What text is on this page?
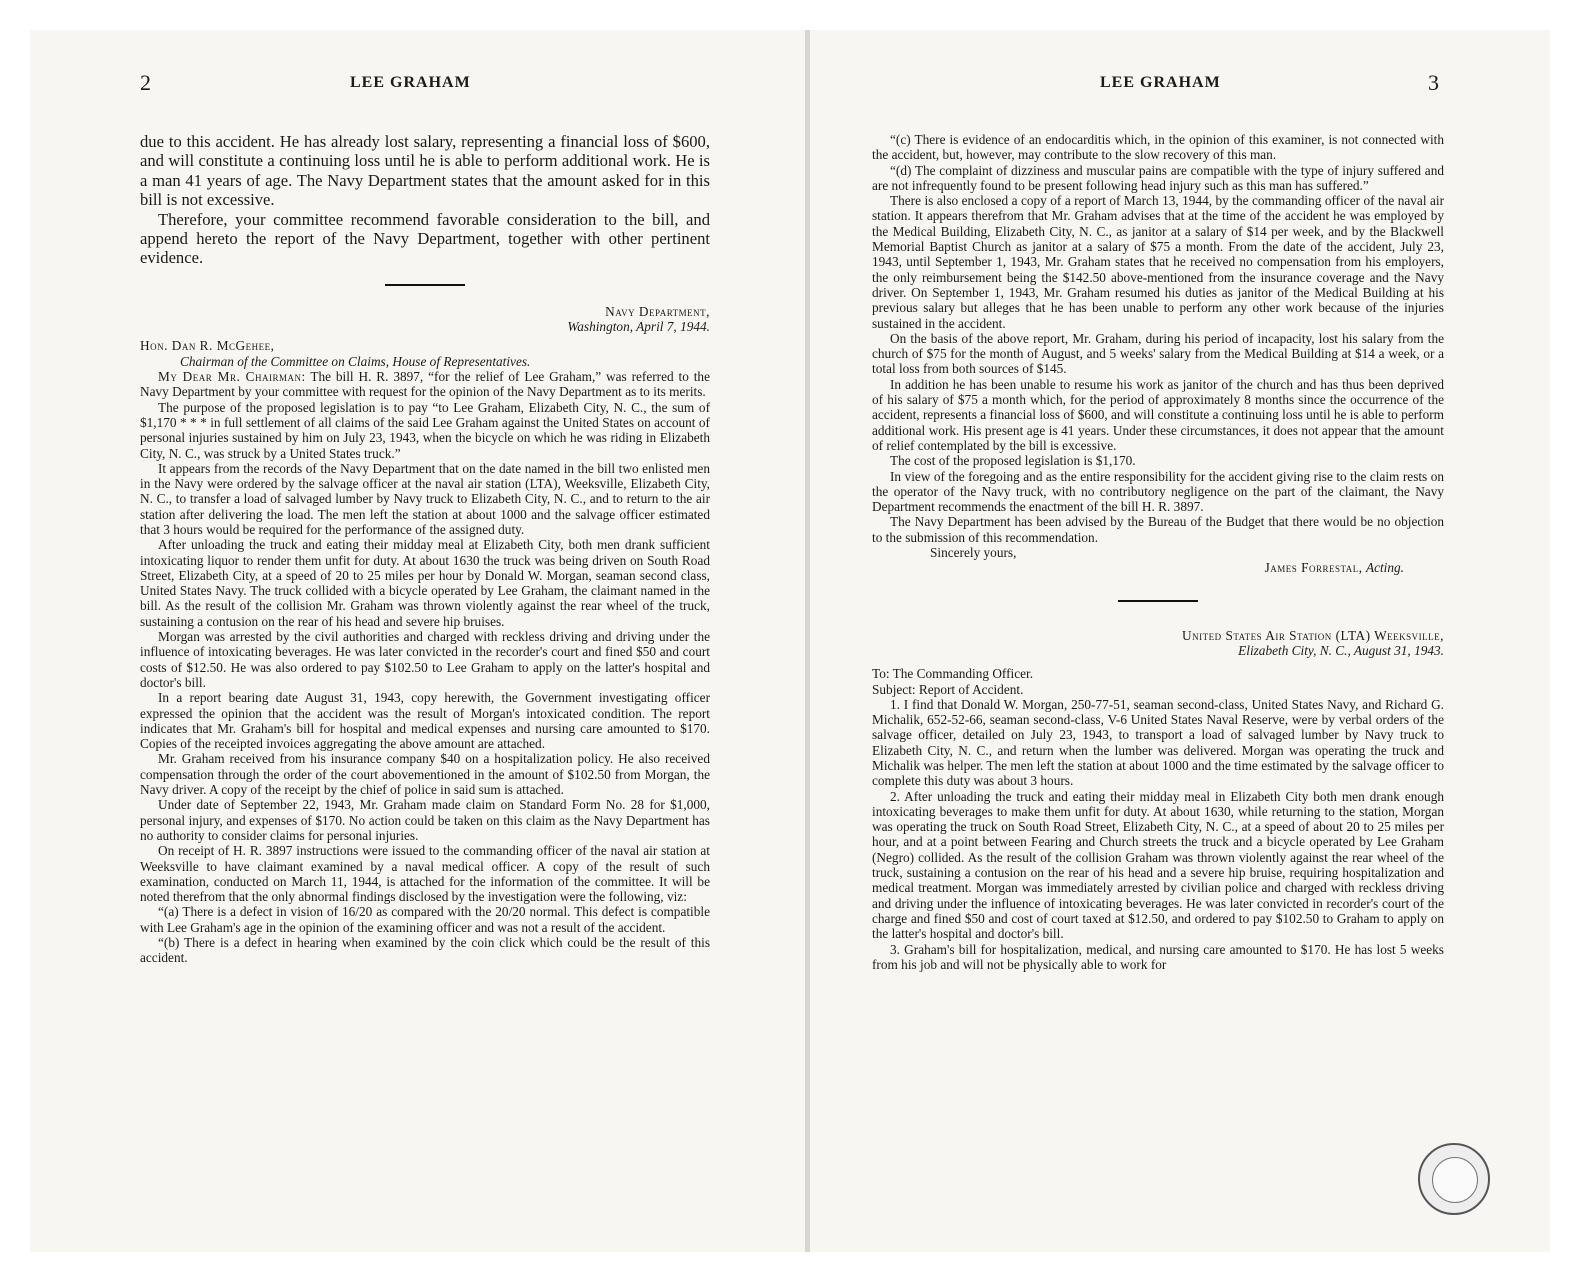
2	LEE GRAHAM	LEE GRAHAM	3

due to this accident. He has already lost salary, representing a financial loss of $600, and will constitute a continuing loss until he is able to perform additional work. He is a man 41 years of age. The Navy Department states that the amount asked for in this bill is not excessive.

Therefore, your committee recommend favorable consideration to the bill, and append hereto the report of the Navy Department, together with other pertinent evidence.

Navy Department,

Washington, April 7, 1944.

Hon. Dan R. McGehee,

Chairman of the Committee on Claims, House of Representatives.

My Dear Mr. Chairman: The bill H. R. 3897, “for the relief of Lee Graham,” was referred to the Navy Department by your committee with request for the opinion of the Navy Department as to its merits.

The purpose of the proposed legislation is to pay “to Lee Graham, Elizabeth City, N. C., the sum of $1,170 * * * in full settlement of all claims of the said Lee Graham against the United States on account of personal injuries sustained by him on July 23, 1943, when the bicycle on which he was riding in Elizabeth City, N. C., was struck by a United States truck.”

It appears from the records of the Navy Department that on the date named in the bill two enlisted men in the Navy were ordered by the salvage officer at the naval air station (LTA), Weeksville, Elizabeth City, N. C., to transfer a load of salvaged lumber by Navy truck to Elizabeth City, N. C., and to return to the air station after delivering the load. The men left the station at about 1000 and the salvage officer estimated that 3 hours would be required for the performance of the assigned duty.

After unloading the truck and eating their midday meal at Elizabeth City, both men drank sufficient intoxicating liquor to render them unfit for duty. At about 1630 the truck was being driven on South Road Street, Elizabeth City, at a speed of 20 to 25 miles per hour by Donald W. Morgan, seaman second class, United States Navy. The truck collided with a bicycle operated by Lee Graham, the claimant named in the bill. As the result of the collision Mr. Graham was thrown violently against the rear wheel of the truck, sustaining a contusion on the rear of his head and severe hip bruises.

Morgan was arrested by the civil authorities and charged with reckless driving and driving under the influence of intoxicating beverages. He was later convicted in the recorder's court and fined $50 and court costs of $12.50. He was also ordered to pay $102.50 to Lee Graham to apply on the latter's hospital and doctor's bill.

In a report bearing date August 31, 1943, copy herewith, the Government investigating officer expressed the opinion that the accident was the result of Morgan's intoxicated condition. The report indicates that Mr. Graham's bill for hospital and medical expenses and nursing care amounted to $170. Copies of the receipted invoices aggregating the above amount are attached.

Mr. Graham received from his insurance company $40 on a hospitalization policy. He also received compensation through the order of the court abovementioned in the amount of $102.50 from Morgan, the Navy driver. A copy of the receipt by the chief of police in said sum is attached.

Under date of September 22, 1943, Mr. Graham made claim on Standard Form No. 28 for $1,000, personal injury, and expenses of $170. No action could be taken on this claim as the Navy Department has no authority to consider claims for personal injuries.

On receipt of H. R. 3897 instructions were issued to the commanding officer of the naval air station at Weeksville to have claimant examined by a naval medical officer. A copy of the result of such examination, conducted on March 11, 1944, is attached for the information of the committee. It will be noted therefrom that the only abnormal findings disclosed by the investigation were the following, viz:

“(a) There is a defect in vision of 16/20 as compared with the 20/20 normal. This defect is compatible with Lee Graham's age in the opinion of the examining officer and was not a result of the accident.

“(b) There is a defect in hearing when examined by the coin click which could be the result of this accident.

“(c) There is evidence of an endocarditis which, in the opinion of this examiner, is not connected with the accident, but, however, may contribute to the slow recovery of this man.

“(d) The complaint of dizziness and muscular pains are compatible with the type of injury suffered and are not infrequently found to be present following head injury such as this man has suffered.”

There is also enclosed a copy of a report of March 13, 1944, by the commanding officer of the naval air station. It appears therefrom that Mr. Graham advises that at the time of the accident he was employed by the Medical Building, Elizabeth City, N. C., as janitor at a salary of $14 per week, and by the Blackwell Memorial Baptist Church as janitor at a salary of $75 a month. From the date of the accident, July 23, 1943, until September 1, 1943, Mr. Graham states that he received no compensation from his employers, the only reimbursement being the $142.50 above-mentioned from the insurance coverage and the Navy driver. On September 1, 1943, Mr. Graham resumed his duties as janitor of the Medical Building at his previous salary but alleges that he has been unable to perform any other work because of the injuries sustained in the accident.

On the basis of the above report, Mr. Graham, during his period of incapacity, lost his salary from the church of $75 for the month of August, and 5 weeks' salary from the Medical Building at $14 a week, or a total loss from both sources of $145.

In addition he has been unable to resume his work as janitor of the church and has thus been deprived of his salary of $75 a month which, for the period of approximately 8 months since the occurrence of the accident, represents a financial loss of $600, and will constitute a continuing loss until he is able to perform additional work. His present age is 41 years. Under these circumstances, it does not appear that the amount of relief contemplated by the bill is excessive.

The cost of the proposed legislation is $1,170.

In view of the foregoing and as the entire responsibility for the accident giving rise to the claim rests on the operator of the Navy truck, with no contributory negligence on the part of the claimant, the Navy Department recommends the enactment of the bill H. R. 3897.

The Navy Department has been advised by the Bureau of the Budget that there would be no objection to the submission of this recommendation.

Sincerely yours,

James Forrestal, Acting.

United States Air Station (LTA) Weeksville,

Elizabeth City, N. C., August 31, 1943.

To: The Commanding Officer.

Subject: Report of Accident.

1. I find that Donald W. Morgan, 250-77-51, seaman second-class, United States Navy, and Richard G. Michalik, 652-52-66, seaman second-class, V-6 United States Naval Reserve, were by verbal orders of the salvage officer, detailed on July 23, 1943, to transport a load of salvaged lumber by Navy truck to Elizabeth City, N. C., and return when the lumber was delivered. Morgan was operating the truck and Michalik was helper. The men left the station at about 1000 and the time estimated by the salvage officer to complete this duty was about 3 hours.

2. After unloading the truck and eating their midday meal in Elizabeth City both men drank enough intoxicating beverages to make them unfit for duty. At about 1630, while returning to the station, Morgan was operating the truck on South Road Street, Elizabeth City, N. C., at a speed of about 20 to 25 miles per hour, and at a point between Fearing and Church streets the truck and a bicycle operated by Lee Graham (Negro) collided. As the result of the collision Graham was thrown violently against the rear wheel of the truck, sustaining a contusion on the rear of his head and a severe hip bruise, requiring hospitalization and medical treatment. Morgan was immediately arrested by civilian police and charged with reckless driving and driving under the influence of intoxicating beverages. He was later convicted in recorder's court of the charge and fined $50 and cost of court taxed at $12.50, and ordered to pay $102.50 to Graham to apply on the latter's hospital and doctor's bill.

3. Graham's bill for hospitalization, medical, and nursing care amounted to $170. He has lost 5 weeks from his job and will not be physically able to work for
